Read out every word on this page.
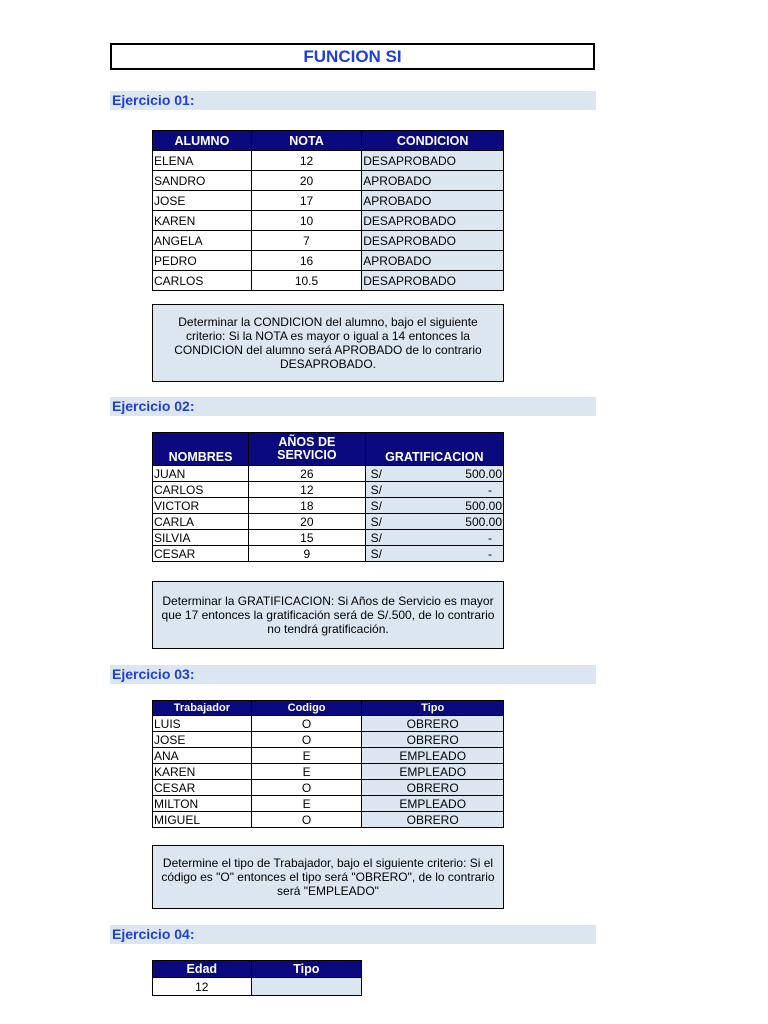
FUNCION SI
Ejercicio 01:
ALUMNO	NOTA	CONDICION
ELENA	12	DESAPROBADO
SANDRO	20	APROBADO
JOSE	17	APROBADO
KAREN	10	DESAPROBADO
ANGELA	7	DESAPROBADO
PEDRO	16	APROBADO
CARLOS	10.5	DESAPROBADO
Determinar la CONDICION del alumno, bajo el siguiente criterio: Si la NOTA es mayor o igual a 14 entonces la CONDICION del alumno será APROBADO de lo contrario DESAPROBADO.
Ejercicio 02:
NOMBRES	AÑOS DE SERVICIO	GRATIFICACION
JUAN	26	S/ 500.00

CARLOS	12	S/ -

VICTOR	18	S/ 500.00

CARLA	20	S/ 500.00

SILVIA	15	S/ -

CESAR	9	S/ -
Determinar la GRATIFICACION: Si Años de Servicio es mayor que 17 entonces la gratificación será de S/.500, de lo contrario no tendrá gratificación.
Ejercicio 03:
Trabajador	Codigo	Tipo
LUIS	O	OBRERO
JOSE	O	OBRERO
ANA	E	EMPLEADO
KAREN	E	EMPLEADO
CESAR	O	OBRERO
MILTON	E	EMPLEADO
MIGUEL	O	OBRERO
Determine el tipo de Trabajador, bajo el siguiente criterio: Si el código es "O" entonces el tipo será "OBRERO", de lo contrario será "EMPLEADO"
Ejercicio 04:
Edad	Tipo
12	
